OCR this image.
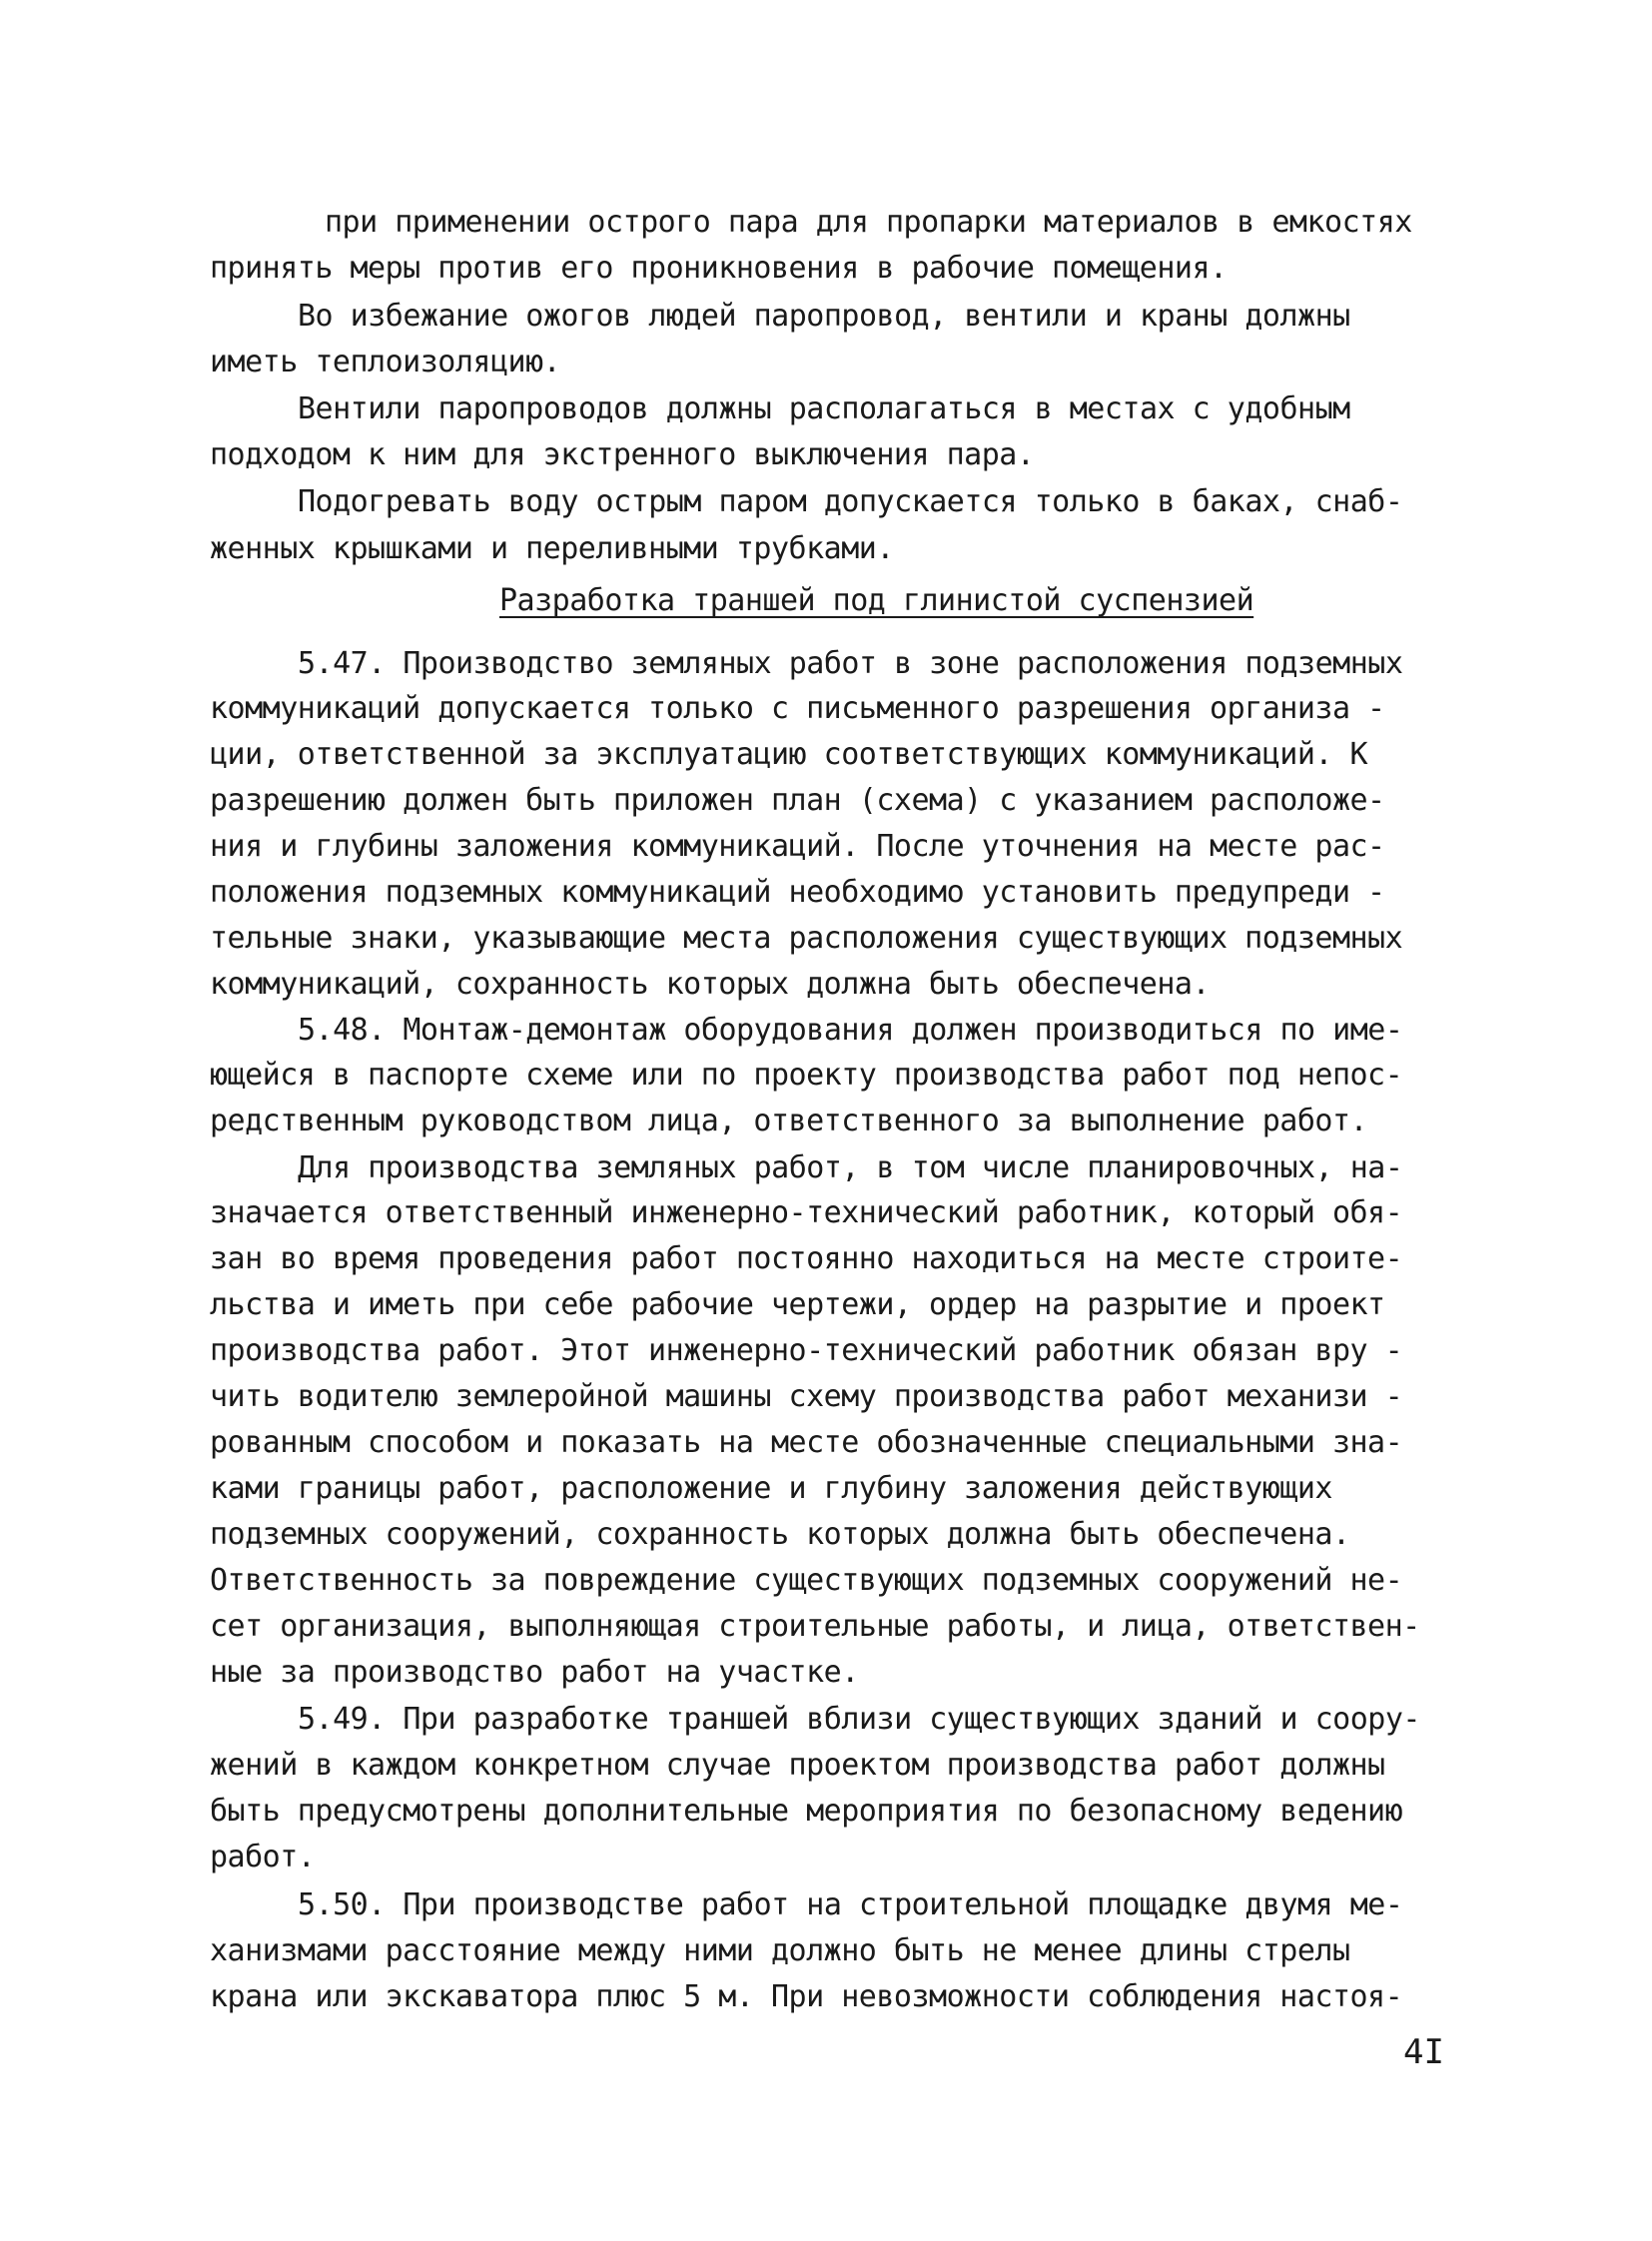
при применении острого пара для пропарки материалов в емкостях
принять меры против его проникновения в рабочие помещения.
Во избежание ожогов людей паропровод, вентили и краны должны
иметь теплоизоляцию.
Вентили паропроводов должны располагаться в местах с удобным
подходом к ним для экстренного выключения пара.
Подогревать воду острым паром допускается только в баках, снаб-
женных крышками и переливными трубками.
Разработка траншей под глинистой суспензией
5.47. Производство земляных работ в зоне расположения подземных
коммуникаций допускается только с письменного разрешения организа -
ции, ответственной за эксплуатацию соответствующих коммуникаций. К
разрешению должен быть приложен план (схема) с указанием расположе-
ния и глубины заложения коммуникаций. После уточнения на месте рас-
положения подземных коммуникаций необходимо установить предупреди -
тельные знаки, указывающие места расположения существующих подземных
коммуникаций, сохранность которых должна быть обеспечена.
5.48. Монтаж-демонтаж оборудования должен производиться по име-
ющейся в паспорте схеме или по проекту производства работ под непос-
редственным руководством лица, ответственного за выполнение работ.
Для производства земляных работ, в том числе планировочных, на-
значается ответственный инженерно-технический работник, который обя-
зан во время проведения работ постоянно находиться на месте строите-
льства и иметь при себе рабочие чертежи, ордер на разрытие и проект
производства работ. Этот инженерно-технический работник обязан вру -
чить водителю землеройной машины схему производства работ механизи -
рованным способом и показать на месте обозначенные специальными зна-
ками границы работ, расположение и глубину заложения действующих
подземных сооружений, сохранность которых должна быть обеспечена.
Ответственность за повреждение существующих подземных сооружений не-
сет организация, выполняющая строительные работы, и лица, ответствен-
ные за производство работ на участке.
5.49. При разработке траншей вблизи существующих зданий и соору-
жений в каждом конкретном случае проектом производства работ должны
быть предусмотрены дополнительные мероприятия по безопасному ведению
работ.
5.50. При производстве работ на строительной площадке двумя ме-
ханизмами расстояние между ними должно быть не менее длины стрелы
крана или экскаватора плюс 5 м. При невозможности соблюдения настоя-
4I
